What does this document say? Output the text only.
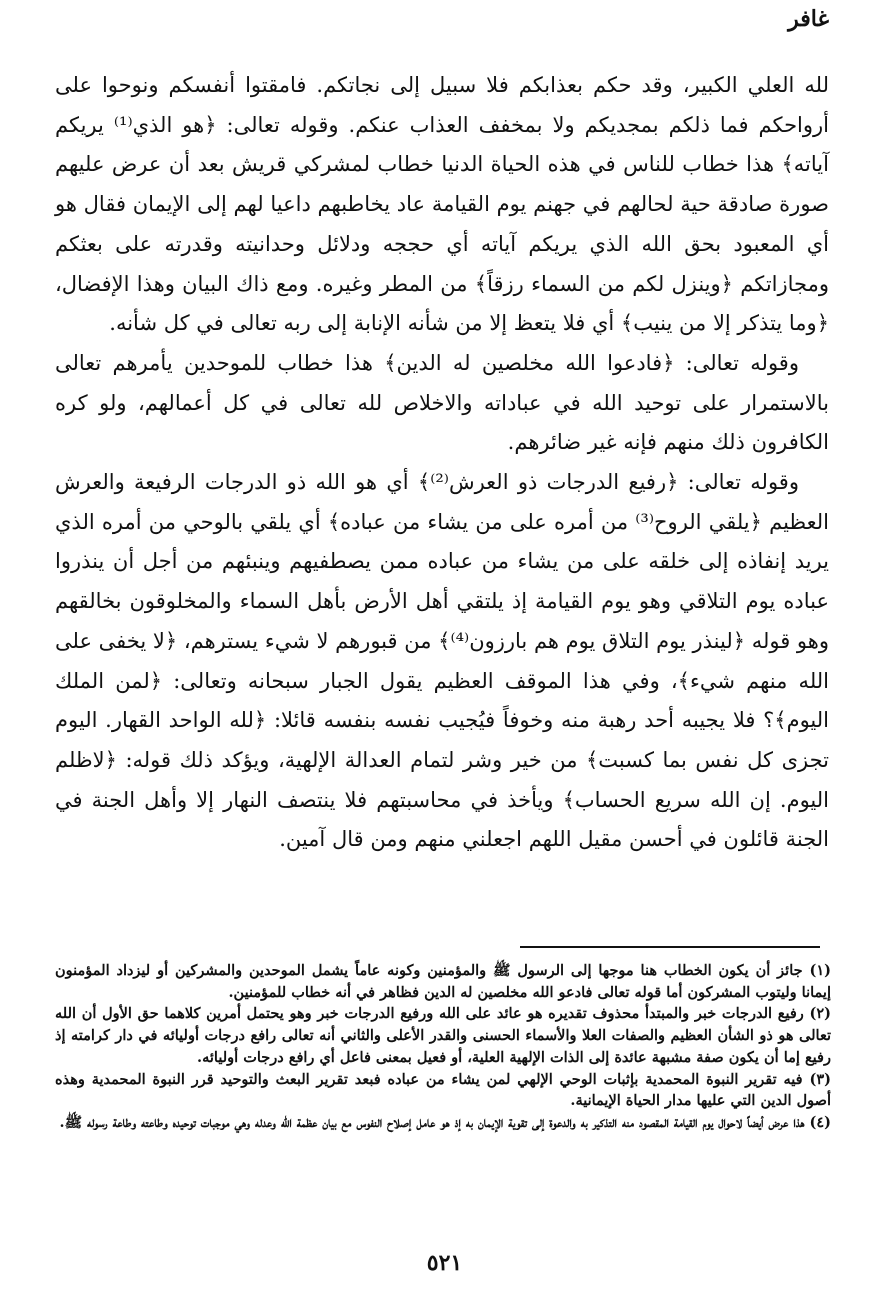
غافر

لله العلي الكبير، وقد حكم بعذابكم فلا سبيل إلى نجاتكم. فامقتوا أنفسكم ونوحوا على أرواحكم فما ذلكم بمجديكم ولا بمخفف العذاب عنكم. وقوله تعالى: ﴿هو الذي⁽¹⁾ يريكم آياته﴾ هذا خطاب للناس في هذه الحياة الدنيا خطاب لمشركي قريش بعد أن عرض عليهم صورة صادقة حية لحالهم في جهنم يوم القيامة عاد يخاطبهم داعيا لهم إلى الإيمان فقال هو أي المعبود بحق الله الذي يريكم آياته أي حججه ودلائل وحدانيته وقدرته على بعثكم ومجازاتكم ﴿وينزل لكم من السماء رزقاً﴾ من المطر وغيره. ومع ذاك البيان وهذا الإفضال، ﴿وما يتذكر إلا من ينيب﴾ أي فلا يتعظ إلا من شأنه الإنابة إلى ربه تعالى في كل شأنه.

وقوله تعالى: ﴿فادعوا الله مخلصين له الدين﴾ هذا خطاب للموحدين يأمرهم تعالى بالاستمرار على توحيد الله في عباداته والاخلاص لله تعالى في كل أعمالهم، ولو كره الكافرون ذلك منهم فإنه غير ضائرهم.

وقوله تعالى: ﴿رفيع الدرجات ذو العرش⁽²⁾﴾ أي هو الله ذو الدرجات الرفيعة والعرش العظيم ﴿يلقي الروح⁽³⁾ من أمره على من يشاء من عباده﴾ أي يلقي بالوحي من أمره الذي يريد إنفاذه إلى خلقه على من يشاء من عباده ممن يصطفيهم وينبئهم من أجل أن ينذروا عباده يوم التلاقي وهو يوم القيامة إذ يلتقي أهل الأرض بأهل السماء والمخلوقون بخالقهم وهو قوله ﴿لينذر يوم التلاق يوم هم بارزون⁽⁴⁾﴾ من قبورهم لا شيء يسترهم، ﴿لا يخفى على الله منهم شيء﴾، وفي هذا الموقف العظيم يقول الجبار سبحانه وتعالى: ﴿لمن الملك اليوم﴾؟ فلا يجيبه أحد رهبة منه وخوفاً فيُجيب نفسه بنفسه قائلا: ﴿لله الواحد القهار. اليوم تجزى كل نفس بما كسبت﴾ من خير وشر لتمام العدالة الإلهية، ويؤكد ذلك قوله: ﴿لاظلم اليوم. إن الله سريع الحساب﴾ ويأخذ في محاسبتهم فلا ينتصف النهار إلا وأهل الجنة في الجنة قائلون في أحسن مقيل اللهم اجعلني منهم ومن قال آمين.

(١) جائز أن يكون الخطاب هنا موجها إلى الرسول ﷺ والمؤمنين وكونه عاماً يشمل الموحدين والمشركين أو ليزداد المؤمنون إيمانا وليتوب المشركون أما قوله تعالى فادعو الله مخلصين له الدين فظاهر في أنه خطاب للمؤمنين.

(٢) رفيع الدرجات خبر والمبتدأ محذوف تقديره هو عائد على الله ورفيع الدرجات خبر وهو يحتمل أمرين كلاهما حق الأول أن الله تعالى هو ذو الشأن العظيم والصفات العلا والأسماء الحسنى والقدر الأعلى والثاني أنه تعالى رافع درجات أوليائه في دار كرامته إذ رفيع إما أن يكون صفة مشبهة عائدة إلى الذات الإلهية العلية، أو فعيل بمعنى فاعل أي رافع درجات أوليائه.

(٣) فيه تقرير النبوة المحمدية بإثبات الوحي الإلهي لمن يشاء من عباده فبعد تقرير البعث والتوحيد قرر النبوة المحمدية وهذه أصول الدين التي عليها مدار الحياة الإيمانية.

(٤) هذا عرض أيضاً لاحوال يوم القيامة المقصود منه التذكير به والدعوة إلى تقوية الإيمان به إذ هو عامل إصلاح النفوس مع بيان عظمة الله وعدله وهي موجبات توحيده وطاعته وطاعة رسوله ﷺ.

٥٢١
